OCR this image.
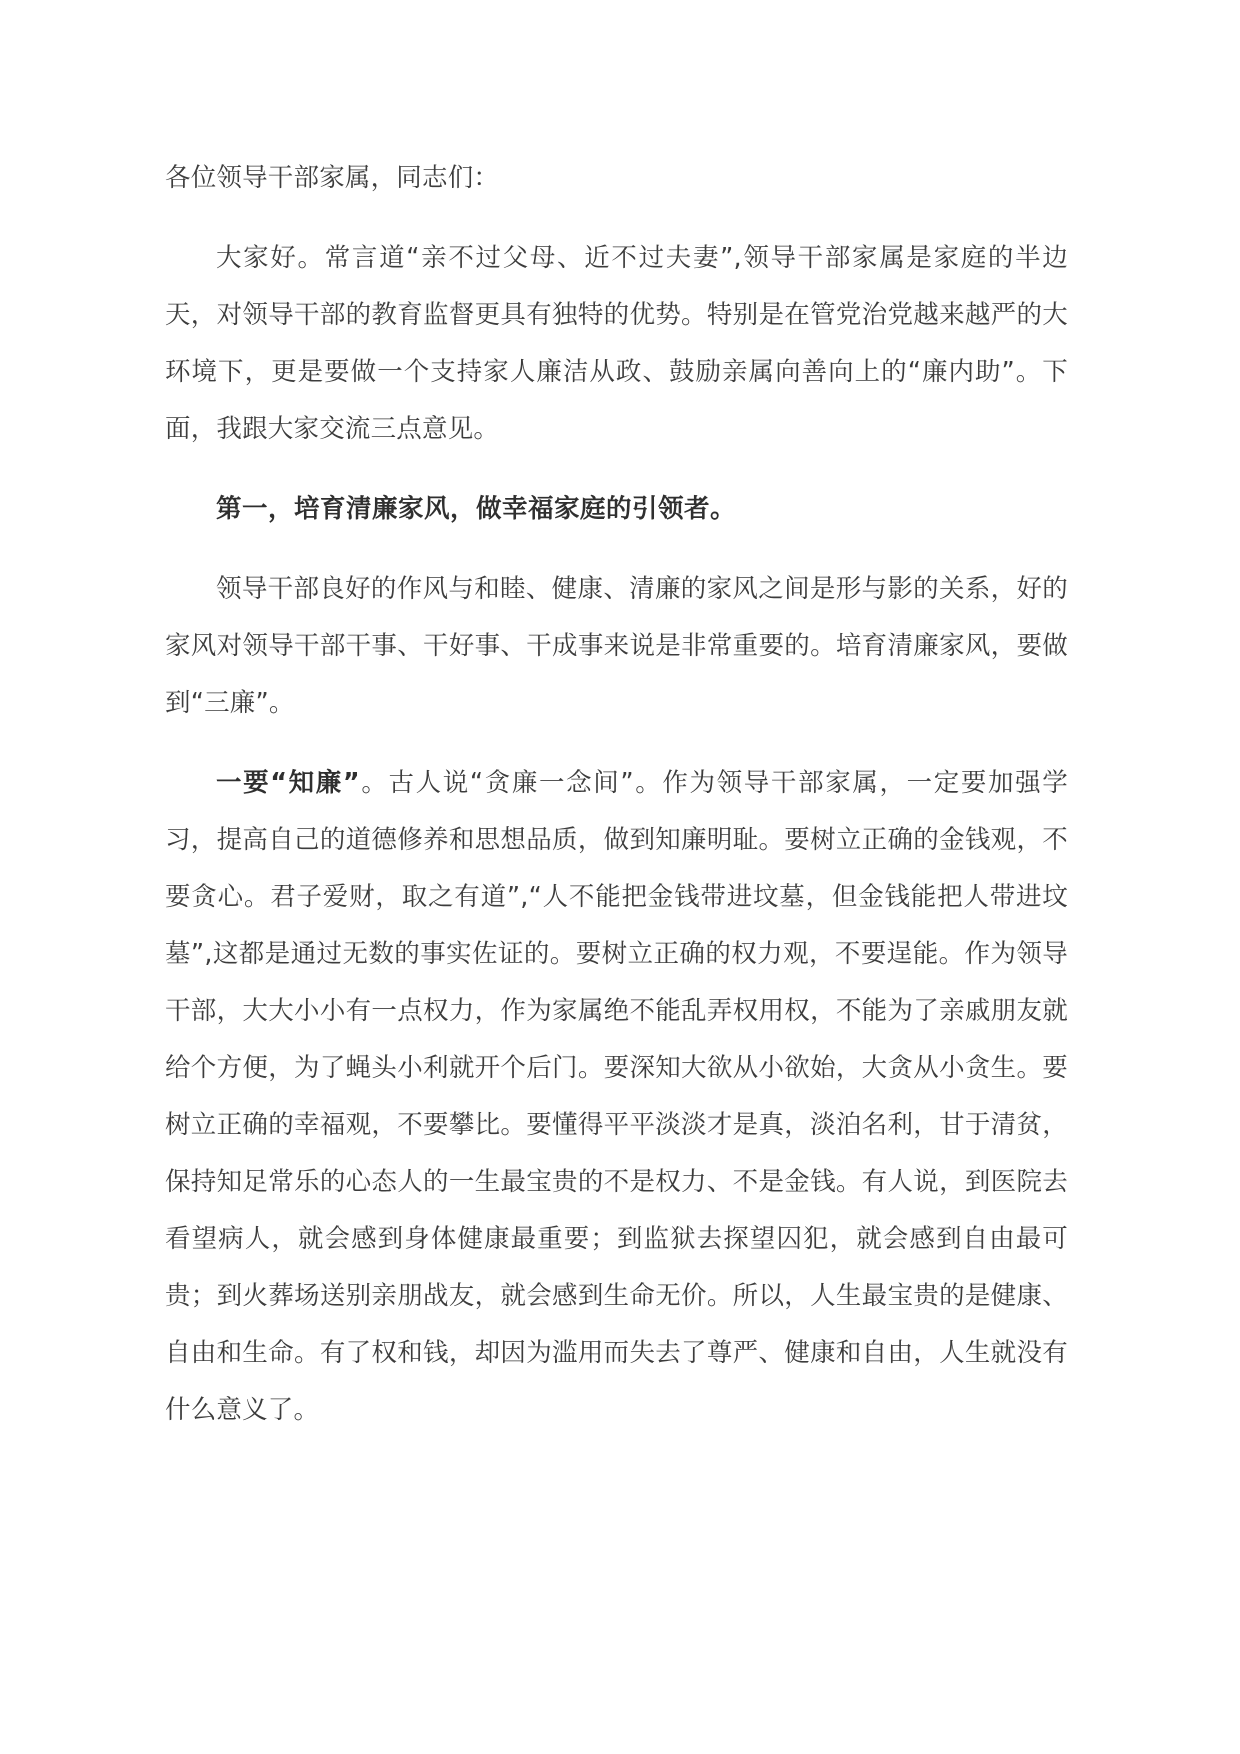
各位领导干部家属，同志们：

大家好。常言道“亲不过父母、近不过夫妻”,领导干部家属是家庭的半边天，对领导干部的教育监督更具有独特的优势。特别是在管党治党越来越严的大环境下，更是要做一个支持家人廉洁从政、鼓励亲属向善向上的“廉内助”。下面，我跟大家交流三点意见。

第一，培育清廉家风，做幸福家庭的引领者。

领导干部良好的作风与和睦、健康、清廉的家风之间是形与影的关系，好的家风对领导干部干事、干好事、干成事来说是非常重要的。培育清廉家风，要做到“三廉”。

一要“知廉”。古人说“贪廉一念间”。作为领导干部家属，一定要加强学习，提高自己的道德修养和思想品质，做到知廉明耻。要树立正确的金钱观，不要贪心。君子爱财，取之有道”,“人不能把金钱带进坟墓，但金钱能把人带进坟墓”,这都是通过无数的事实佐证的。要树立正确的权力观，不要逞能。作为领导干部，大大小小有一点权力，作为家属绝不能乱弄权用权，不能为了亲戚朋友就给个方便，为了蝇头小利就开个后门。要深知大欲从小欲始，大贪从小贪生。要树立正确的幸福观，不要攀比。要懂得平平淡淡才是真，淡泊名利，甘于清贫，保持知足常乐的心态人的一生最宝贵的不是权力、不是金钱。有人说，到医院去看望病人，就会感到身体健康最重要；到监狱去探望囚犯，就会感到自由最可贵；到火葬场送别亲朋战友，就会感到生命无价。所以，人生最宝贵的是健康、自由和生命。有了权和钱，却因为滥用而失去了尊严、健康和自由，人生就没有什么意义了。
